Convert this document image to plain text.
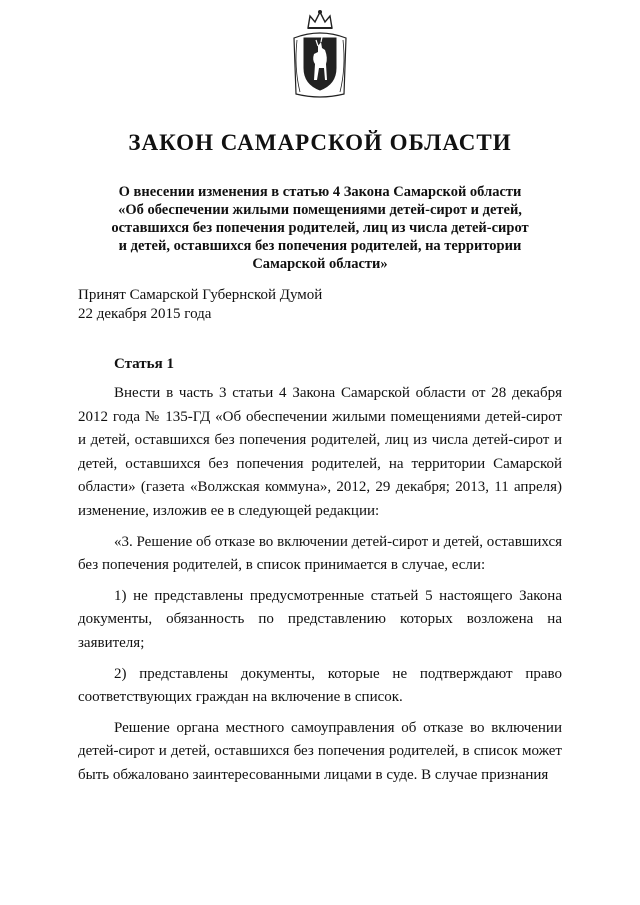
ЗАКОН САМАРСКОЙ ОБЛАСТИ
О внесении изменения в статью 4 Закона Самарской области
«Об обеспечении жилыми помещениями детей-сирот и детей,
оставшихся без попечения родителей, лиц из числа детей-сирот
и детей, оставшихся без попечения родителей, на территории
Самарской области»
Принят Самарской Губернской Думой
22 декабря 2015 года
Статья 1

Внести в часть 3 статьи 4 Закона Самарской области от 28 декабря 2012 года № 135-ГД «Об обеспечении жилыми помещениями детей-сирот и детей, оставшихся без попечения родителей, лиц из числа детей-сирот и детей, оставшихся без попечения родителей, на территории Самарской области» (газета «Волжская коммуна», 2012, 29 декабря; 2013, 11 апреля) изменение, изложив ее в следующей редакции:

«3. Решение об отказе во включении детей-сирот и детей, оставшихся без попечения родителей, в список принимается в случае, если:

1) не представлены предусмотренные статьей 5 настоящего Закона документы, обязанность по представлению которых возложена на заявителя;

2) представлены документы, которые не подтверждают право соответствующих граждан на включение в список.

Решение органа местного самоуправления об отказе во включении детей-сирот и детей, оставшихся без попечения родителей, в список может быть обжаловано заинтересованными лицами в суде. В случае признания
